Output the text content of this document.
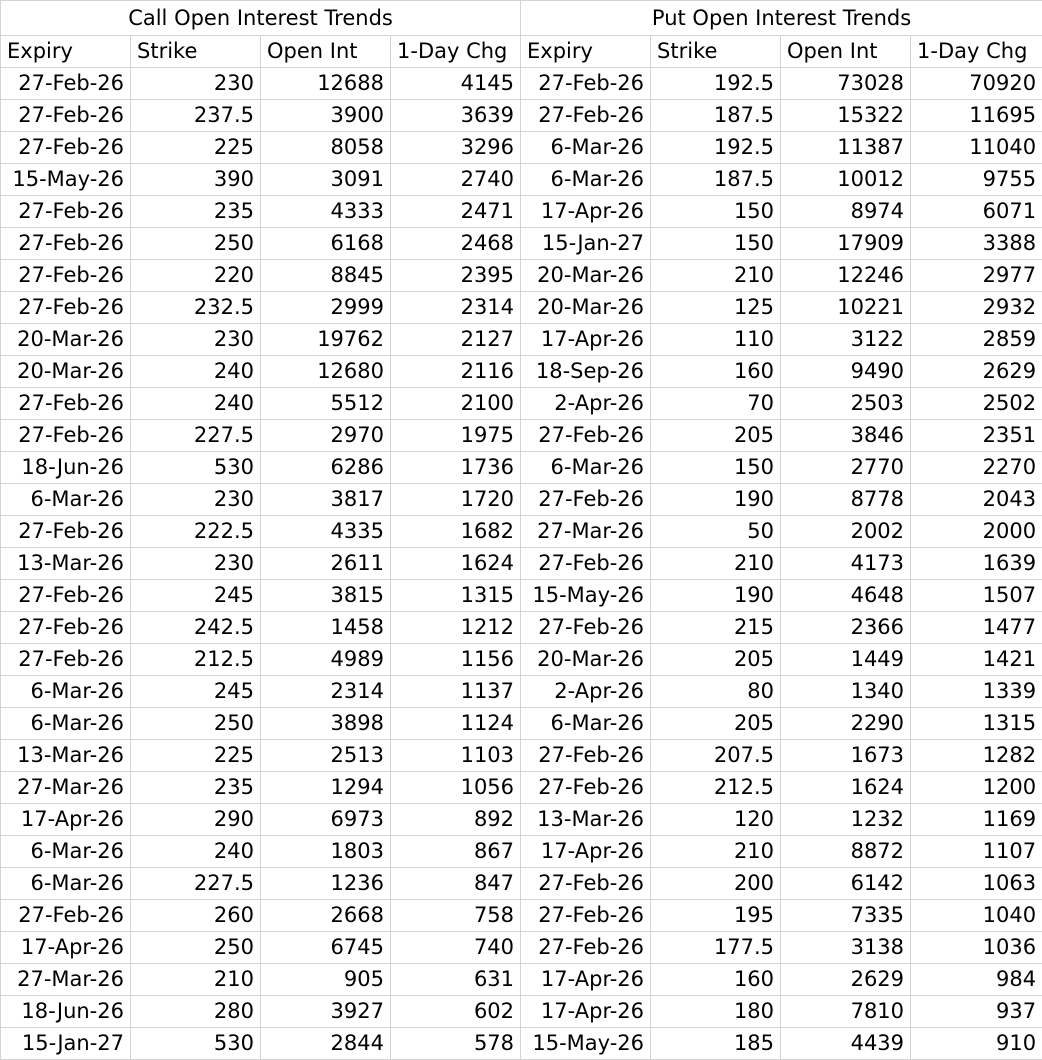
Call Open Interest Trends				Put Open Interest Trends			
Expiry	Strike	Open Int	1-Day Chg	Expiry	Strike	Open Int	1-Day Chg
27-Feb-26	230	12688	4145	27-Feb-26	192.5	73028	70920
27-Feb-26	237.5	3900	3639	27-Feb-26	187.5	15322	11695
27-Feb-26	225	8058	3296	6-Mar-26	192.5	11387	11040
15-May-26	390	3091	2740	6-Mar-26	187.5	10012	9755
27-Feb-26	235	4333	2471	17-Apr-26	150	8974	6071
27-Feb-26	250	6168	2468	15-Jan-27	150	17909	3388
27-Feb-26	220	8845	2395	20-Mar-26	210	12246	2977
27-Feb-26	232.5	2999	2314	20-Mar-26	125	10221	2932
20-Mar-26	230	19762	2127	17-Apr-26	110	3122	2859
20-Mar-26	240	12680	2116	18-Sep-26	160	9490	2629
27-Feb-26	240	5512	2100	2-Apr-26	70	2503	2502
27-Feb-26	227.5	2970	1975	27-Feb-26	205	3846	2351
18-Jun-26	530	6286	1736	6-Mar-26	150	2770	2270
6-Mar-26	230	3817	1720	27-Feb-26	190	8778	2043
27-Feb-26	222.5	4335	1682	27-Mar-26	50	2002	2000
13-Mar-26	230	2611	1624	27-Feb-26	210	4173	1639
27-Feb-26	245	3815	1315	15-May-26	190	4648	1507
27-Feb-26	242.5	1458	1212	27-Feb-26	215	2366	1477
27-Feb-26	212.5	4989	1156	20-Mar-26	205	1449	1421
6-Mar-26	245	2314	1137	2-Apr-26	80	1340	1339
6-Mar-26	250	3898	1124	6-Mar-26	205	2290	1315
13-Mar-26	225	2513	1103	27-Feb-26	207.5	1673	1282
27-Mar-26	235	1294	1056	27-Feb-26	212.5	1624	1200
17-Apr-26	290	6973	892	13-Mar-26	120	1232	1169
6-Mar-26	240	1803	867	17-Apr-26	210	8872	1107
6-Mar-26	227.5	1236	847	27-Feb-26	200	6142	1063
27-Feb-26	260	2668	758	27-Feb-26	195	7335	1040
17-Apr-26	250	6745	740	27-Feb-26	177.5	3138	1036
27-Mar-26	210	905	631	17-Apr-26	160	2629	984
18-Jun-26	280	3927	602	17-Apr-26	180	7810	937
15-Jan-27	530	2844	578	15-May-26	185	4439	910
